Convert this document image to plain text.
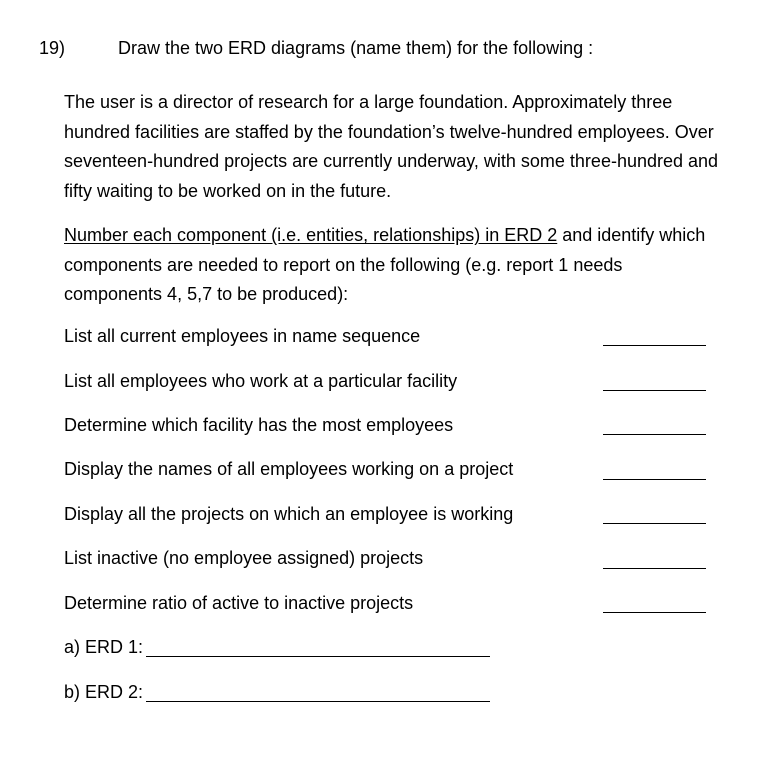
19)	Draw the two ERD diagrams (name them) for the following :
The user is a director of research for a large foundation. Approximately three hundred facilities are staffed by the foundation’s twelve-hundred employees. Over seventeen-hundred projects are currently underway, with some three-hundred and fifty waiting to be worked on in the future.
Number each component (i.e. entities, relationships) in ERD 2 and identify which components are needed to report on the following (e.g. report 1 needs components 4, 5,7 to be produced):
List all current employees in name sequence
List all employees who work at a particular facility
Determine which facility has the most employees
Display the names of all employees working on a project
Display all the projects on which an employee is working
List inactive (no employee assigned) projects
Determine ratio of active to inactive projects
a) ERD 1:
b) ERD 2:
